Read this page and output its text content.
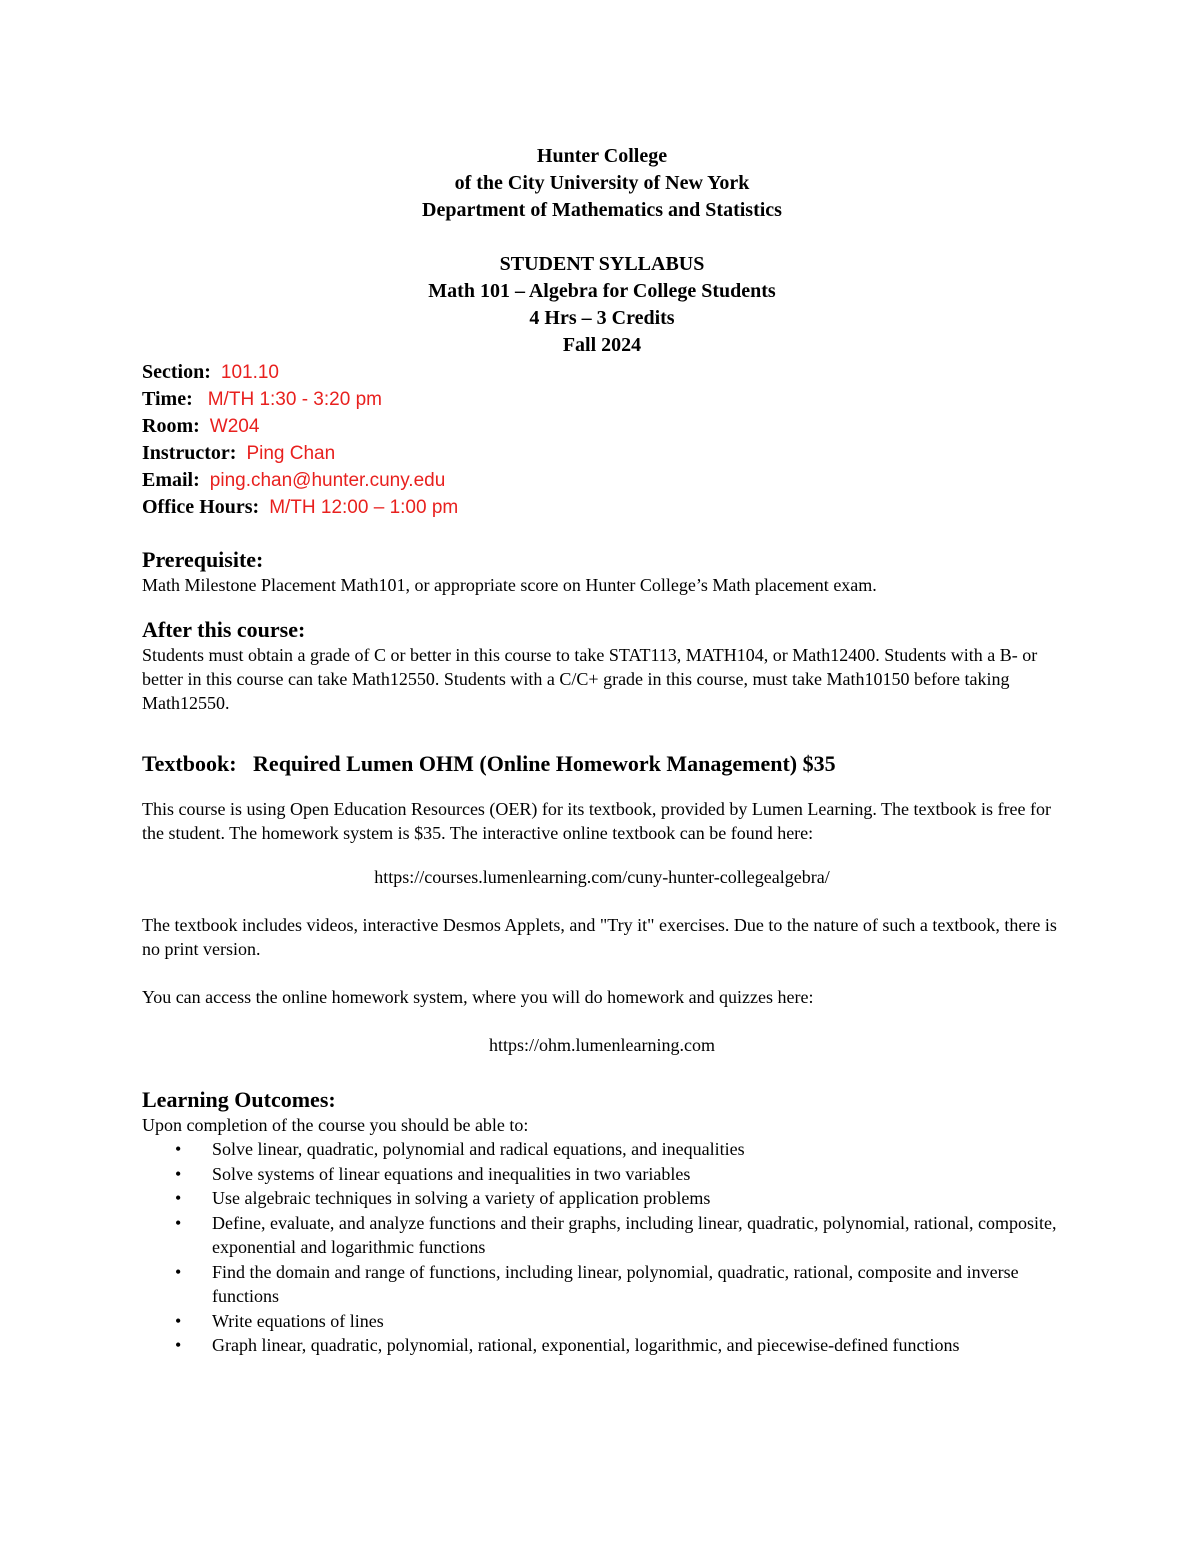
Hunter College
of the City University of New York
Department of Mathematics and Statistics
STUDENT SYLLABUS
Math 101 – Algebra for College Students
4 Hrs – 3 Credits
Fall 2024
Section: 101.10
Time: M/TH 1:30 - 3:20 pm
Room: W204
Instructor: Ping Chan
Email: ping.chan@hunter.cuny.edu
Office Hours: M/TH 12:00 – 1:00 pm
Prerequisite:
Math Milestone Placement Math101, or appropriate score on Hunter College’s Math placement exam.
After this course:
Students must obtain a grade of C or better in this course to take STAT113, MATH104, or Math12400. Students with a B- or better in this course can take Math12550. Students with a C/C+ grade in this course, must take Math10150 before taking Math12550.
Textbook:   Required Lumen OHM (Online Homework Management) $35
This course is using Open Education Resources (OER) for its textbook, provided by Lumen Learning. The textbook is free for the student. The homework system is $35. The interactive online textbook can be found here:
https://courses.lumenlearning.com/cuny-hunter-collegealgebra/
The textbook includes videos, interactive Desmos Applets, and "Try it" exercises. Due to the nature of such a textbook, there is no print version.
You can access the online homework system, where you will do homework and quizzes here:
https://ohm.lumenlearning.com
Learning Outcomes:
Upon completion of the course you should be able to:
• Solve linear, quadratic, polynomial and radical equations, and inequalities
• Solve systems of linear equations and inequalities in two variables
• Use algebraic techniques in solving a variety of application problems
• Define, evaluate, and analyze functions and their graphs, including linear, quadratic, polynomial, rational, composite, exponential and logarithmic functions
• Find the domain and range of functions, including linear, polynomial, quadratic, rational, composite and inverse functions
• Write equations of lines
• Graph linear, quadratic, polynomial, rational, exponential, logarithmic, and piecewise-defined functions
